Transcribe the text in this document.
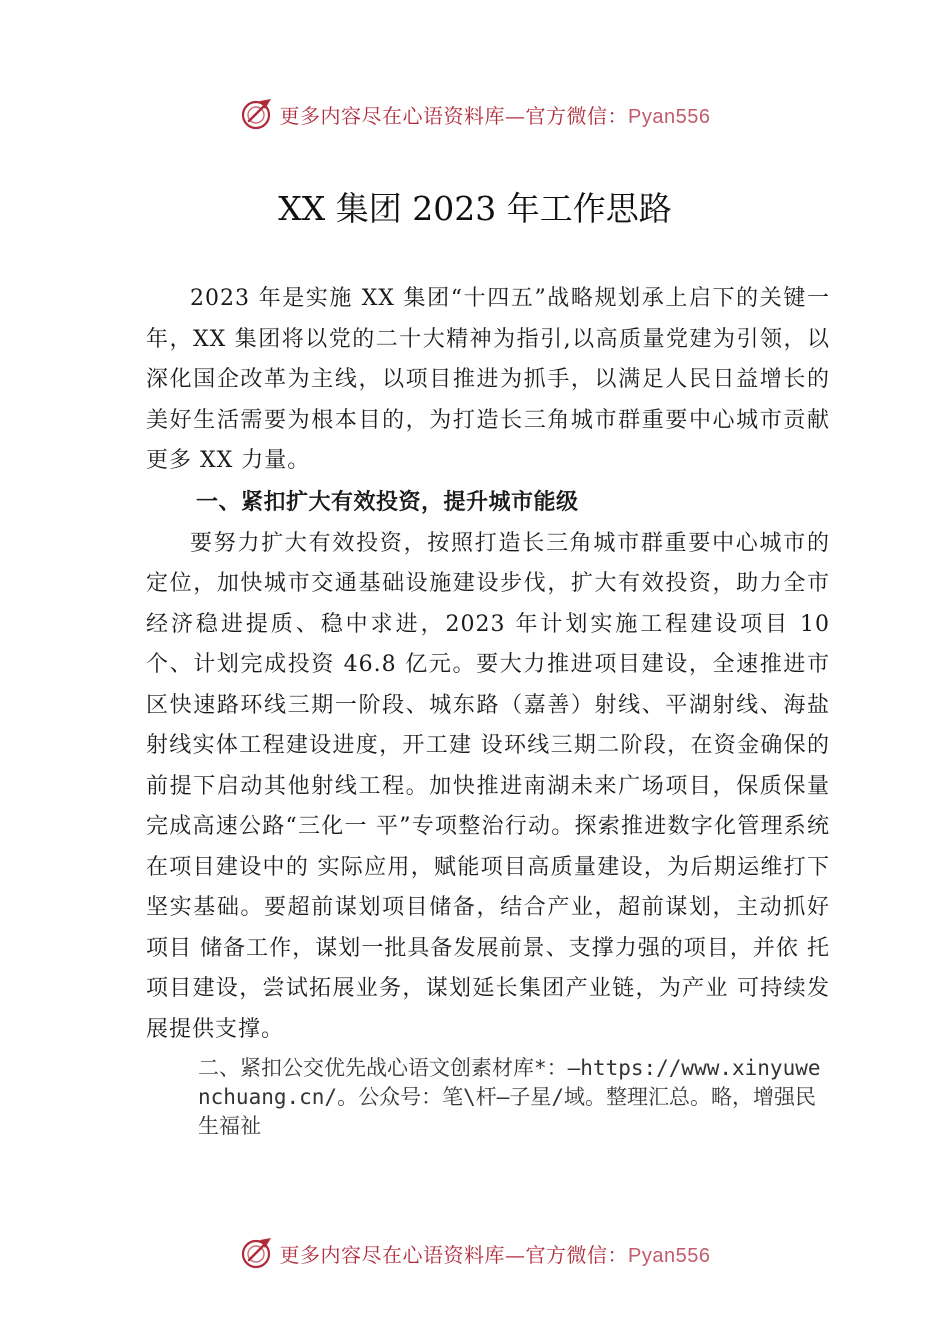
更多内容尽在心语资料库—官方微信：Pyan556
XX 集团 2023 年工作思路

2023 年是实施 XX 集团“十四五”战略规划承上启下的关键一年，XX 集团将以党的二十大精神为指引,以高质量党建为引领，以深化国企改革为主线，以项目推进为抓手，以满足人民日益增长的美好生活需要为根本目的，为打造长三角城市群重要中心城市贡献更多 XX 力量。

一、紧扣扩大有效投资，提升城市能级

要努力扩大有效投资，按照打造长三角城市群重要中心城市的定位，加快城市交通基础设施建设步伐，扩大有效投资，助力全市经济稳进提质、稳中求进，2023 年计划实施工程建设项目 10 个、计划完成投资 46.8 亿元。要大力推进项目建设，全速推进市区快速路环线三期一阶段、城东路（嘉善）射线、平湖射线、海盐射线实体工程建设进度，开工建 设环线三期二阶段，在资金确保的前提下启动其他射线工程。加快推进南湖未来广场项目，保质保量完成高速公路“三化一 平”专项整治行动。探索推进数字化管理系统在项目建设中的 实际应用，赋能项目高质量建设，为后期运维打下坚实基础。要超前谋划项目储备，结合产业，超前谋划，主动抓好项目 储备工作，谋划一批具备发展前景、支撑力强的项目，并依 托项目建设，尝试拓展业务，谋划延长集团产业链，为产业 可持续发展提供支撑。

二、紧扣公交优先战心语文创素材库*：—https://www.xinyuwenchuang.cn/。公众号：笔\杆—子星/域。整理汇总。略，增强民生福祉
更多内容尽在心语资料库—官方微信：Pyan556
